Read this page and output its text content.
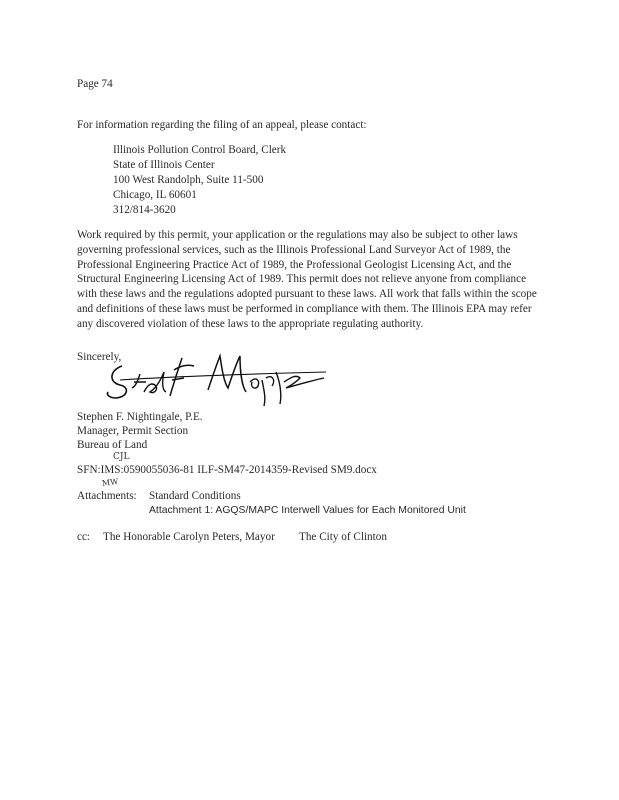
Page 74
For information regarding the filing of an appeal, please contact:
Illinois Pollution Control Board, Clerk
State of Illinois Center
100 West Randolph, Suite 11-500
Chicago, IL 60601
312/814-3620
Work required by this permit, your application or the regulations may also be subject to other laws governing professional services, such as the Illinois Professional Land Surveyor Act of 1989, the Professional Engineering Practice Act of 1989, the Professional Geologist Licensing Act, and the Structural Engineering Licensing Act of 1989. This permit does not relieve anyone from compliance with these laws and the regulations adopted pursuant to these laws. All work that falls within the scope and definitions of these laws must be performed in compliance with them. The Illinois EPA may refer any discovered violation of these laws to the appropriate regulating authority.
Sincerely,
Stephen F. Nightingale, P.E.
Manager, Permit Section
Bureau of Land
CJL
MW
SFN:IMS:0590055036-81 ILF-SM47-2014359-Revised SM9.docx
Attachments: Standard Conditions
Attachment 1: AGQS/MAPC Interwell Values for Each Monitored Unit
cc: The Honorable Carolyn Peters, Mayor The City of Clinton
